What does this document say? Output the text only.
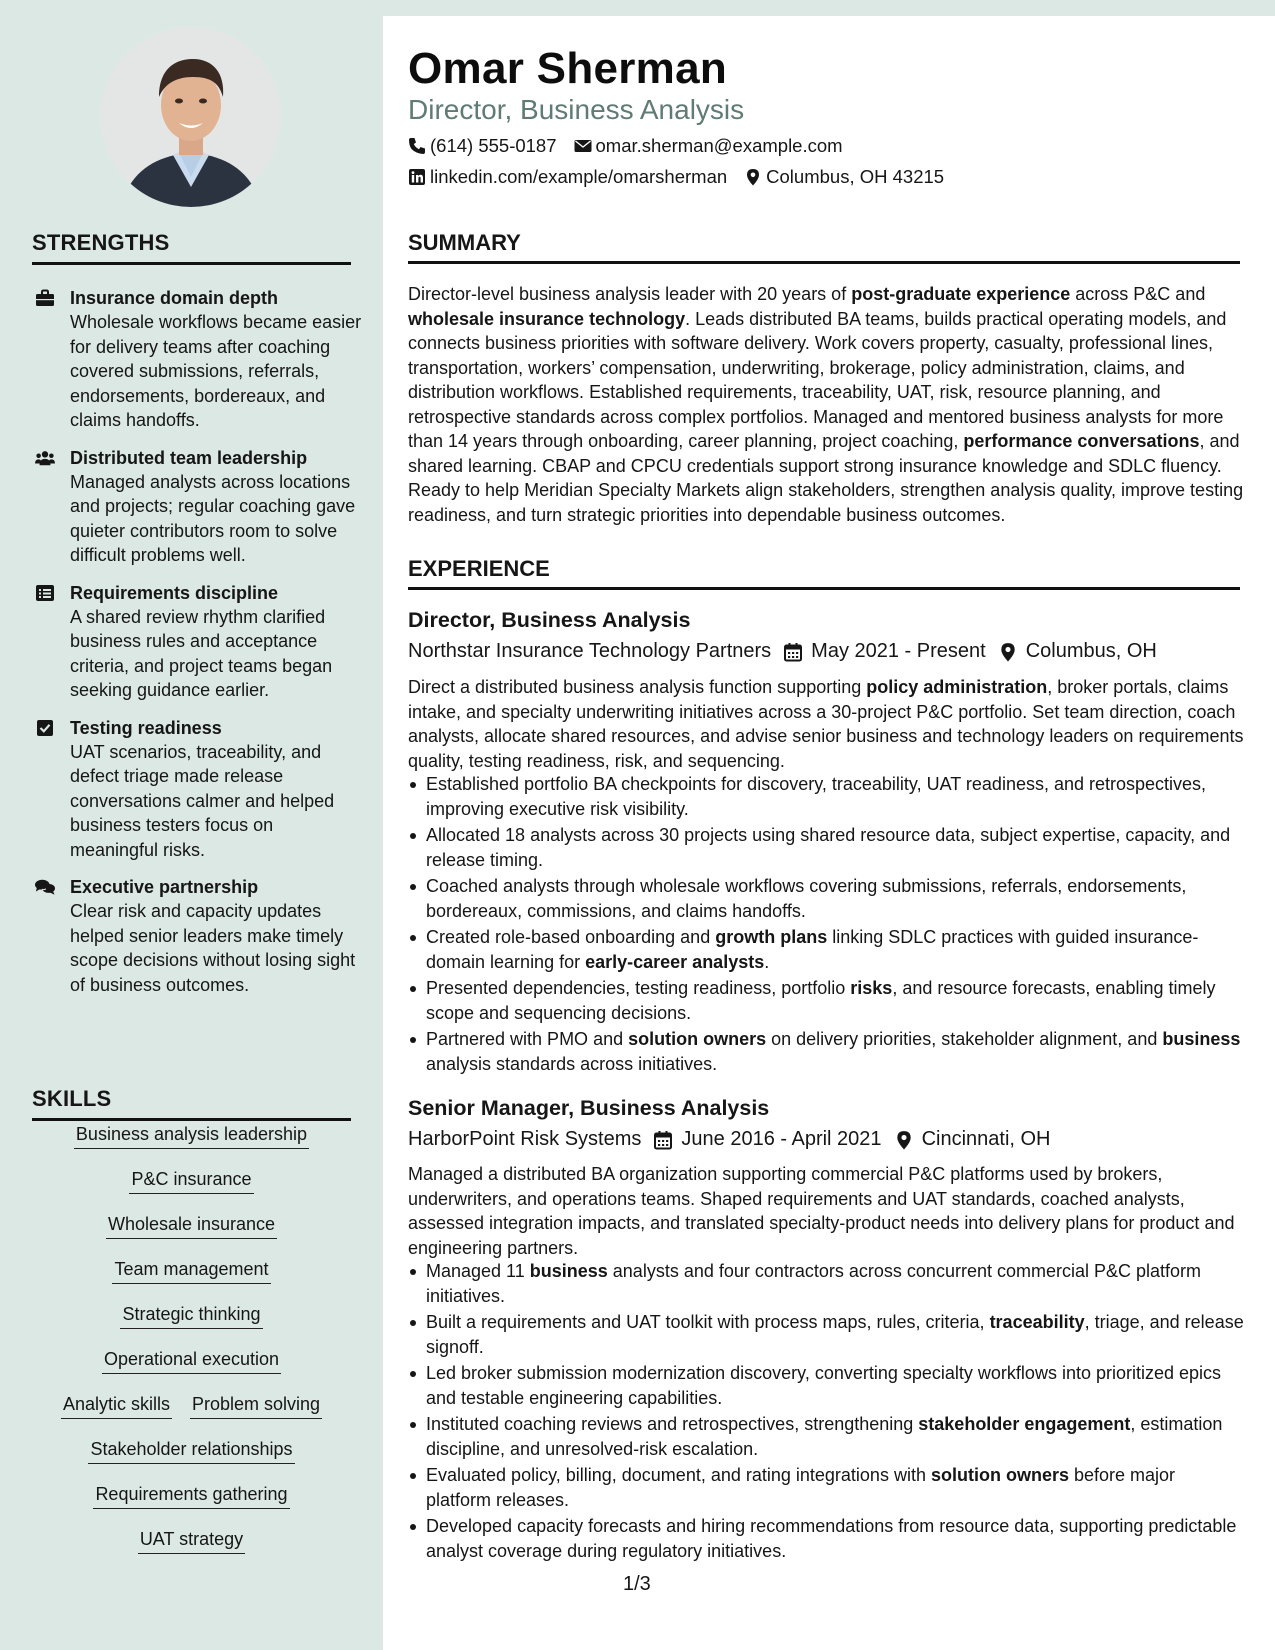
STRENGTHS
Insurance domain depth
Wholesale workflows became easier for delivery teams after coaching covered submissions, referrals, endorsements, bordereaux, and claims handoffs.
Distributed team leadership
Managed analysts across locations and projects; regular coaching gave quieter contributors room to solve difficult problems well.
Requirements discipline
A shared review rhythm clarified business rules and acceptance criteria, and project teams began seeking guidance earlier.
Testing readiness
UAT scenarios, traceability, and defect triage made release conversations calmer and helped business testers focus on meaningful risks.
Executive partnership
Clear risk and capacity updates helped senior leaders make timely scope decisions without losing sight of business outcomes.
SKILLS
Business analysis leadership
P&C insurance
Wholesale insurance
Team management
Strategic thinking
Operational execution
Analytic skills Problem solving
Stakeholder relationships
Requirements gathering
UAT strategy
Omar Sherman
Director, Business Analysis
(614) 555-0187 omar.sherman@example.com
linkedin.com/example/omarsherman Columbus, OH 43215
SUMMARY
Director-level business analysis leader with 20 years of post-graduate experience across P&C and wholesale insurance technology. Leads distributed BA teams, builds practical operating models, and connects business priorities with software delivery. Work covers property, casualty, professional lines, transportation, workers’ compensation, underwriting, brokerage, policy administration, claims, and distribution workflows. Established requirements, traceability, UAT, risk, resource planning, and retrospective standards across complex portfolios. Managed and mentored business analysts for more than 14 years through onboarding, career planning, project coaching, performance conversations, and shared learning. CBAP and CPCU credentials support strong insurance knowledge and SDLC fluency. Ready to help Meridian Specialty Markets align stakeholders, strengthen analysis quality, improve testing readiness, and turn strategic priorities into dependable business outcomes.
EXPERIENCE
Director, Business Analysis
Northstar Insurance Technology Partners May 2021 - Present Columbus, OH
Direct a distributed business analysis function supporting policy administration, broker portals, claims intake, and specialty underwriting initiatives across a 30-project P&C portfolio. Set team direction, coach analysts, allocate shared resources, and advise senior business and technology leaders on requirements quality, testing readiness, risk, and sequencing.
Established portfolio BA checkpoints for discovery, traceability, UAT readiness, and retrospectives, improving executive risk visibility.
Allocated 18 analysts across 30 projects using shared resource data, subject expertise, capacity, and release timing.
Coached analysts through wholesale workflows covering submissions, referrals, endorsements, bordereaux, commissions, and claims handoffs.
Created role-based onboarding and growth plans linking SDLC practices with guided insurance-domain learning for early-career analysts.
Presented dependencies, testing readiness, portfolio risks, and resource forecasts, enabling timely scope and sequencing decisions.
Partnered with PMO and solution owners on delivery priorities, stakeholder alignment, and business analysis standards across initiatives.
Senior Manager, Business Analysis
HarborPoint Risk Systems June 2016 - April 2021 Cincinnati, OH
Managed a distributed BA organization supporting commercial P&C platforms used by brokers, underwriters, and operations teams. Shaped requirements and UAT standards, coached analysts, assessed integration impacts, and translated specialty-product needs into delivery plans for product and engineering partners.
Managed 11 business analysts and four contractors across concurrent commercial P&C platform initiatives.
Built a requirements and UAT toolkit with process maps, rules, criteria, traceability, triage, and release signoff.
Led broker submission modernization discovery, converting specialty workflows into prioritized epics and testable engineering capabilities.
Instituted coaching reviews and retrospectives, strengthening stakeholder engagement, estimation discipline, and unresolved-risk escalation.
Evaluated policy, billing, document, and rating integrations with solution owners before major platform releases.
Developed capacity forecasts and hiring recommendations from resource data, supporting predictable analyst coverage during regulatory initiatives.
1/3
